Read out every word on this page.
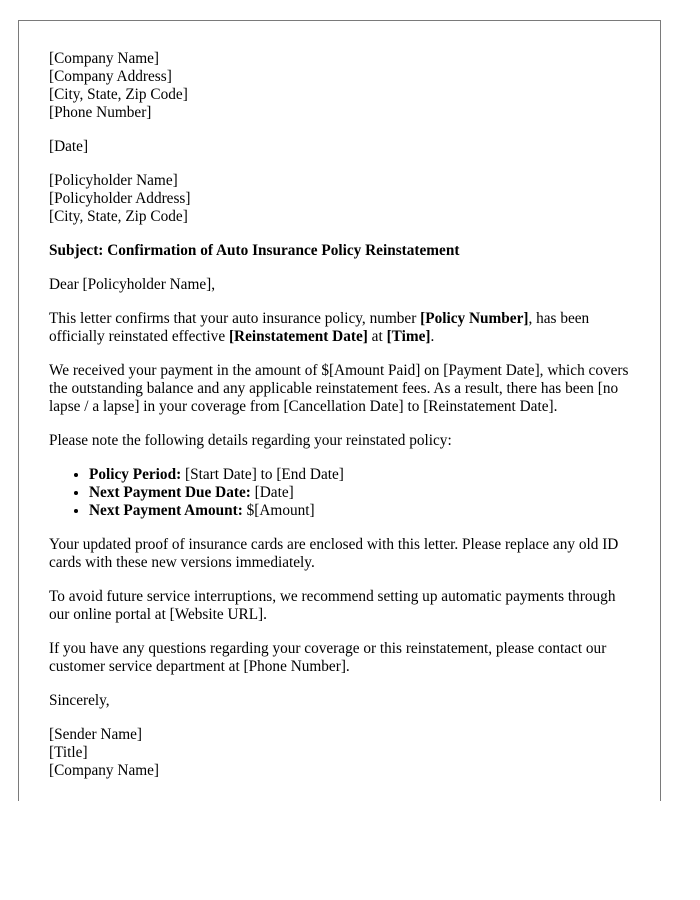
[Company Name]
[Company Address]
[City, State, Zip Code]
[Phone Number]

[Date]

[Policyholder Name]
[Policyholder Address]
[City, State, Zip Code]

Subject: Confirmation of Auto Insurance Policy Reinstatement

Dear [Policyholder Name],

This letter confirms that your auto insurance policy, number [Policy Number], has been officially reinstated effective [Reinstatement Date] at [Time].

We received your payment in the amount of $[Amount Paid] on [Payment Date], which covers the outstanding balance and any applicable reinstatement fees. As a result, there has been [no lapse / a lapse] in your coverage from [Cancellation Date] to [Reinstatement Date].

Please note the following details regarding your reinstated policy:

• Policy Period: [Start Date] to [End Date]
• Next Payment Due Date: [Date]
• Next Payment Amount: $[Amount]

Your updated proof of insurance cards are enclosed with this letter. Please replace any old ID cards with these new versions immediately.

To avoid future service interruptions, we recommend setting up automatic payments through our online portal at [Website URL].

If you have any questions regarding your coverage or this reinstatement, please contact our customer service department at [Phone Number].

Sincerely,

[Sender Name]
[Title]
[Company Name]
